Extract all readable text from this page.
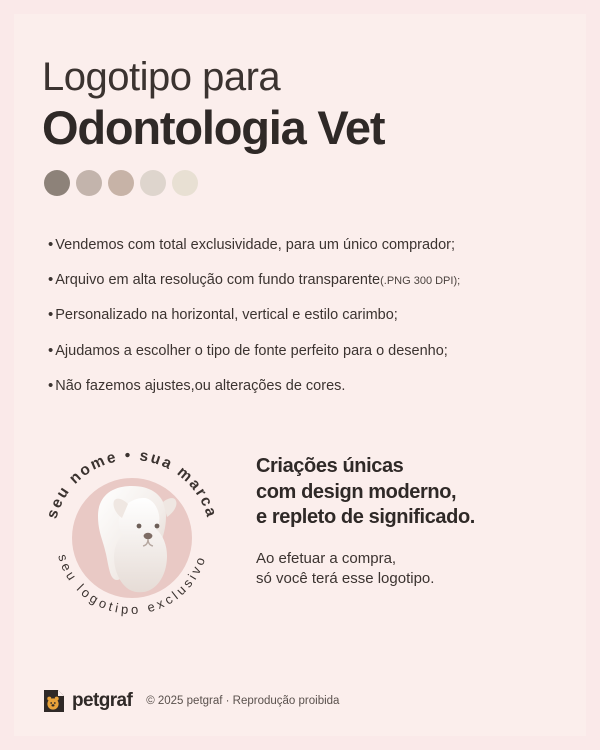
Logotipo para
Odontologia Vet
• Vendemos com total exclusividade, para um único comprador;
• Arquivo em alta resolução com fundo transparente (.PNG 300 DPI);
• Personalizado na horizontal, vertical e estilo carimbo;
• Ajudamos a escolher o tipo de fonte perfeito para o desenho;
• Não fazemos ajustes,ou alterações de cores.
seu nome • sua marca
seu logotipo exclusivo
Criações únicas
com design moderno,
e repleto de significado.
Ao efetuar a compra,
só você terá esse logotipo.
petgraf © 2025 petgraf · Reprodução proibida
